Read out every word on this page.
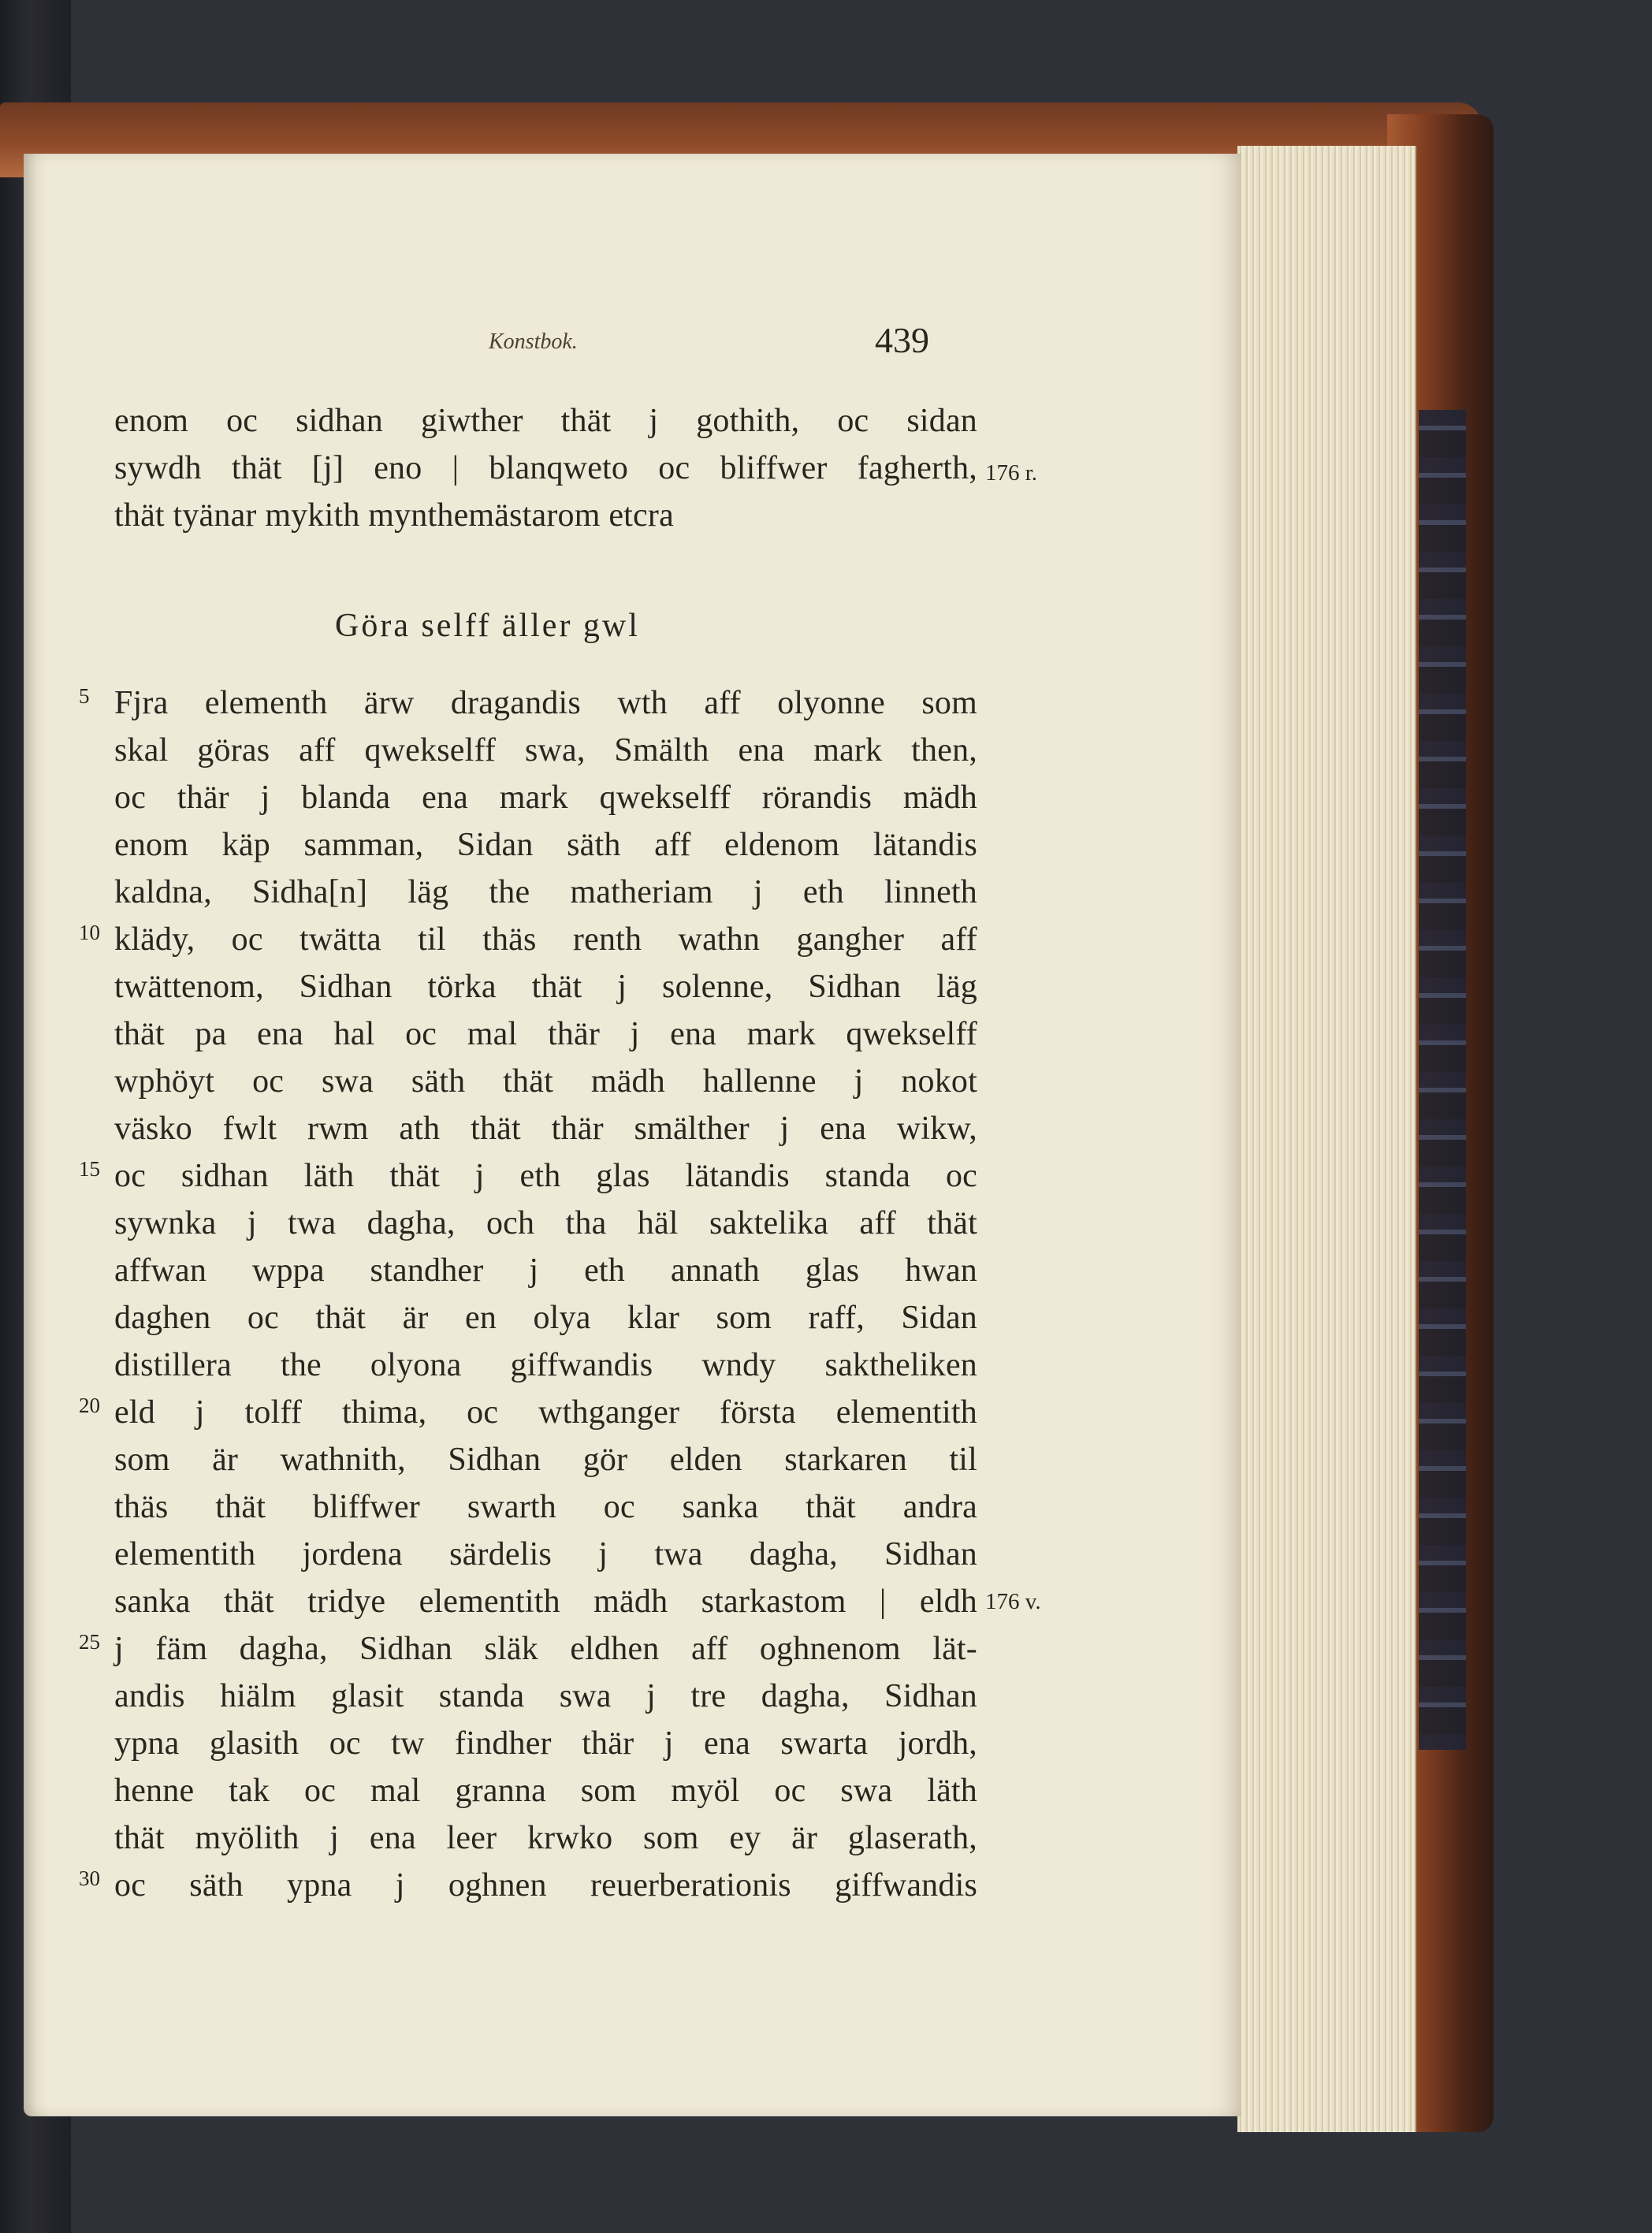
Konstbok.	439
enom oc sidhan giwther thät j gothith, oc sidan
sywdh thät [j] eno | blanqweto oc bliffwer fagherth, 176 r.
thät tyänar mykith mynthemästarom etcra
Göra selff äller gwl
5 Fjra elementh ärw dragandis wth aff olyonne som
skal göras aff qwekselff swa, Smälth ena mark then,
oc thär j blanda ena mark qwekselff rörandis mädh
enom käp samman, Sidan säth aff eldenom lätandis
kaldna, Sidha[n] läg the matheriam j eth linneth
10 klädy, oc twätta til thäs renth wathn gangher aff
twättenom, Sidhan törka thät j solenne, Sidhan läg
thät pa ena hal oc mal thär j ena mark qwekselff
wphöyt oc swa säth thät mädh hallenne j nokot
väsko fwlt rwm ath thät thär smälther j ena wikw,
15 oc sidhan läth thät j eth glas lätandis standa oc
sywnka j twa dagha, och tha häl saktelika aff thät
affwan wppa standher j eth annath glas hwan
daghen oc thät är en olya klar som raff, Sidan
distillera the olyona giffwandis wndy saktheliken
20 eld j tolff thima, oc wthganger första elementith
som är wathnith, Sidhan gör elden starkaren til
thäs thät bliffwer swarth oc sanka thät andra
elementith jordena särdelis j twa dagha, Sidhan
sanka thät tridye elementith mädh starkastom | eldh 176 v.
25 j fäm dagha, Sidhan släk eldhen aff oghnenom lät-
andis hiälm glasit standa swa j tre dagha, Sidhan
ypna glasith oc tw findher thär j ena swarta jordh,
henne tak oc mal granna som myöl oc swa läth
thät myölith j ena leer krwko som ey är glaserath,
30 oc säth ypna j oghnen reuerberationis giffwandis
